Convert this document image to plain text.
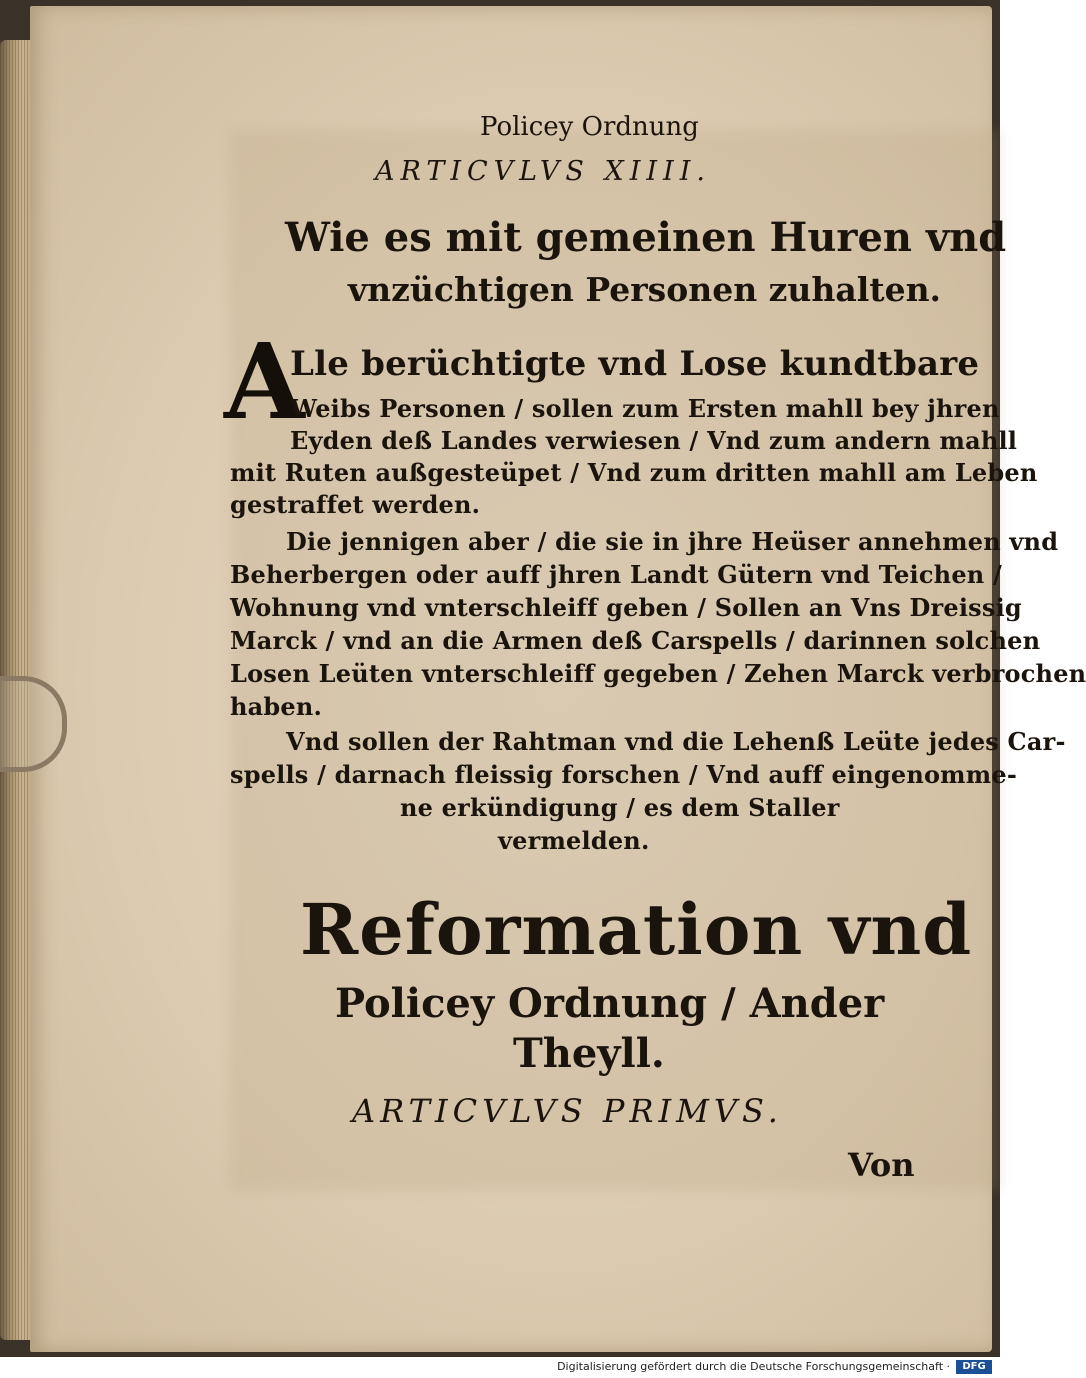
Policey Ordnung
ARTICVLVS XIIII.
Wie es mit gemeinen Huren vnd
vnzüchtigen Personen zuhalten.
A
Lle berüchtigte vnd Lose kundtbare
Weibs Personen / sollen zum Ersten mahll bey jhren
Eyden deß Landes verwiesen / Vnd zum andern mahll
mit Ruten außgesteüpet / Vnd zum dritten mahll am Leben
gestraffet werden.
Die jennigen aber / die sie in jhre Heüser annehmen vnd
Beherbergen oder auff jhren Landt Gütern vnd Teichen /
Wohnung vnd vnterschleiff geben / Sollen an Vns Dreissig
Marck / vnd an die Armen deß Carspells / darinnen solchen
Losen Leüten vnterschleiff gegeben / Zehen Marck verbrochen
haben.
Vnd sollen der Rahtman vnd die Lehenß Leüte jedes Car-
spells / darnach fleissig forschen / Vnd auff eingenomme-
ne erkündigung / es dem Staller
vermelden.
Reformation vnd
Policey Ordnung / Ander
Theyll.
ARTICVLVS PRIMVS.
Von
Digitalisierung gefördert durch die Deutsche Forschungsgemeinschaft ·	DFG
